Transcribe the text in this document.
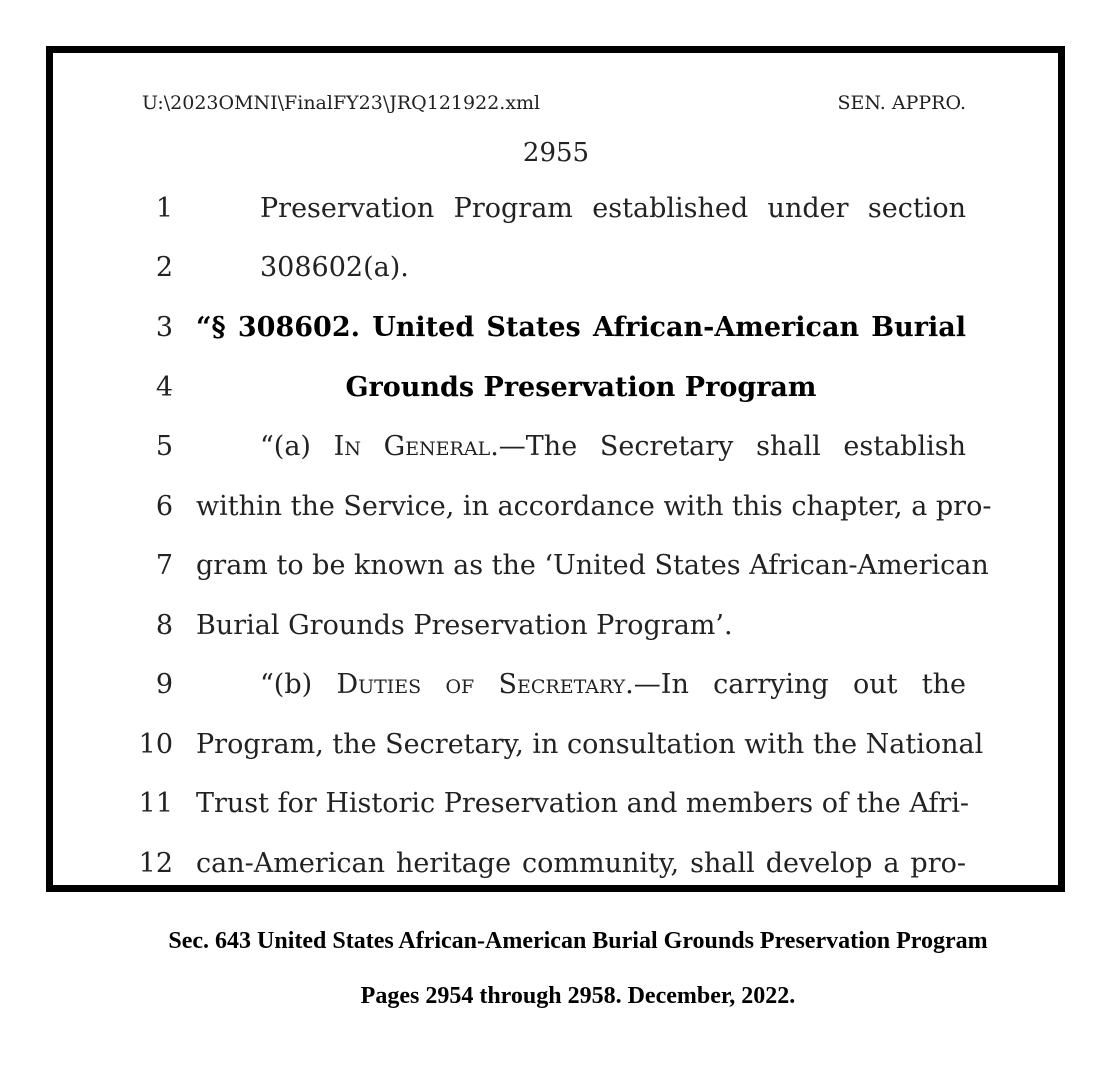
U:\2023OMNI\FinalFY23\JRQ121922.xml	SEN. APPRO.
2955
1	Preservation Program established under section
2	308602(a).
3 “§ 308602. United States African-American Burial
4	Grounds Preservation Program
5	“(a) In General.—The Secretary shall establish
6 within the Service, in accordance with this chapter, a pro-
7 gram to be known as the ‘United States African-American
8 Burial Grounds Preservation Program’.
9	“(b) Duties of Secretary.—In carrying out the
10 Program, the Secretary, in consultation with the National
11 Trust for Historic Preservation and members of the Afri-
12 can-American heritage community, shall develop a pro-
Sec. 643 United States African-American Burial Grounds Preservation Program
Pages 2954 through 2958. December, 2022.
